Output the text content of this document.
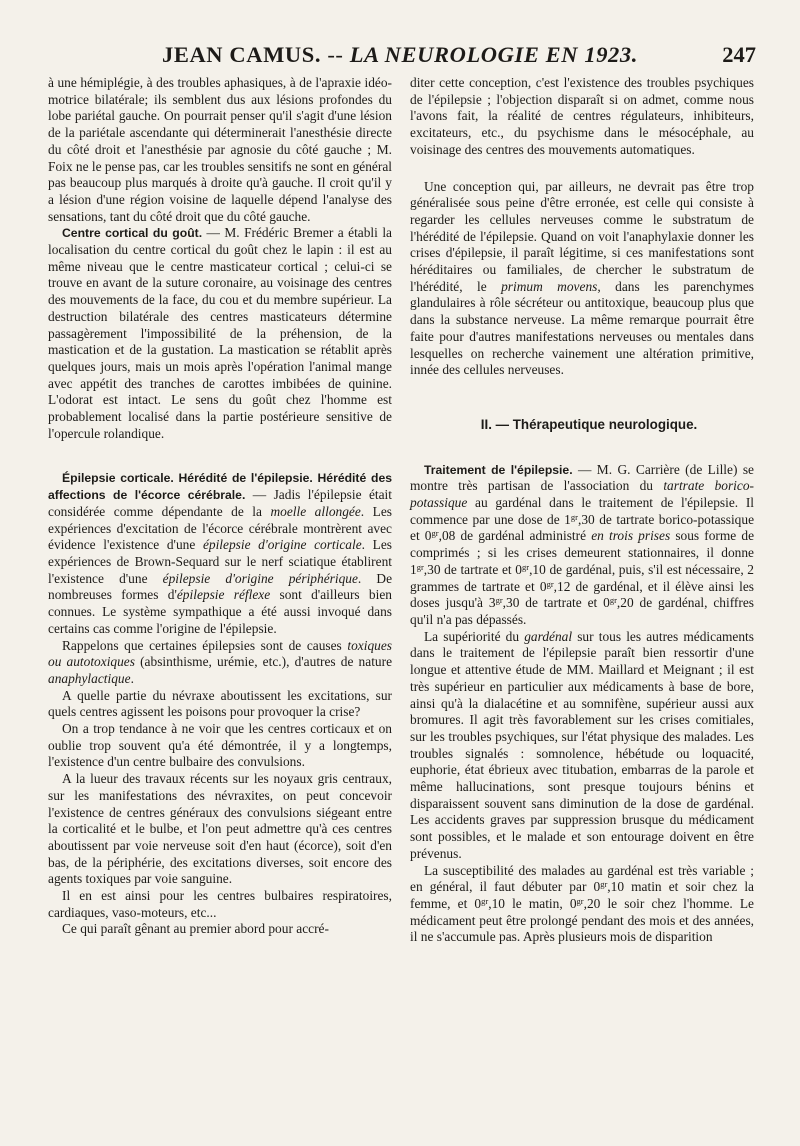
JEAN CAMUS. -- LA NEUROLOGIE EN 1923.	247

à une hémiplégie, à des troubles aphasiques, à de l'apraxie idéo-motrice bilatérale; ils semblent dus aux lésions profondes du lobe pariétal gauche. On pourrait penser qu'il s'agit d'une lésion de la pariétale ascendante qui déterminerait l'anesthésie directe du côté droit et l'anesthésie par agnosie du côté gauche ; M. Foix ne le pense pas, car les troubles sensitifs ne sont en général pas beaucoup plus marqués à droite qu'à gauche. Il croit qu'il y a lésion d'une région voisine de laquelle dépend l'analyse des sensations, tant du côté droit que du côté gauche.

Centre cortical du goût. — M. Frédéric Bremer a établi la localisation du centre cortical du goût chez le lapin : il est au même niveau que le centre masticateur cortical ; celui-ci se trouve en avant de la suture coronaire, au voisinage des centres des mouvements de la face, du cou et du membre supérieur. La destruction bilatérale des centres masticateurs détermine passagèrement l'impossibilité de la préhension, de la mastication et de la gustation. La mastication se rétablit après quelques jours, mais un mois après l'opération l'animal mange avec appétit des tranches de carottes imbibées de quinine. L'odorat est intact. Le sens du goût chez l'homme est probablement localisé dans la partie postérieure sensitive de l'opercule rolandique.

Épilepsie corticale. Hérédité de l'épilepsie. Hérédité des affections de l'écorce cérébrale. — Jadis l'épilepsie était considérée comme dépendante de la moelle allongée. Les expériences d'excitation de l'écorce cérébrale montrèrent avec évidence l'existence d'une épilepsie d'origine corticale. Les expériences de Brown-Sequard sur le nerf sciatique établirent l'existence d'une épilepsie d'origine périphérique. De nombreuses formes d'épilepsie réflexe sont d'ailleurs bien connues. Le système sympathique a été aussi invoqué dans certains cas comme l'origine de l'épilepsie.

Rappelons que certaines épilepsies sont de causes toxiques ou autotoxiques (absinthisme, urémie, etc.), d'autres de nature anaphylactique.

A quelle partie du névraxe aboutissent les excitations, sur quels centres agissent les poisons pour provoquer la crise?

On a trop tendance à ne voir que les centres corticaux et on oublie trop souvent qu'a été démontrée, il y a longtemps, l'existence d'un centre bulbaire des convulsions.

A la lueur des travaux récents sur les noyaux gris centraux, sur les manifestations des névraxites, on peut concevoir l'existence de centres généraux des convulsions siégeant entre la corticalité et le bulbe, et l'on peut admettre qu'à ces centres aboutissent par voie nerveuse soit d'en haut (écorce), soit d'en bas, de la périphérie, des excitations diverses, soit encore des agents toxiques par voie sanguine.

Il en est ainsi pour les centres bulbaires respiratoires, cardiaques, vaso-moteurs, etc...

Ce qui paraît gênant au premier abord pour accré-

diter cette conception, c'est l'existence des troubles psychiques de l'épilepsie ; l'objection disparaît si on admet, comme nous l'avons fait, la réalité de centres régulateurs, inhibiteurs, excitateurs, etc., du psychisme dans le mésocéphale, au voisinage des centres des mouvements automatiques.

Une conception qui, par ailleurs, ne devrait pas être trop généralisée sous peine d'être erronée, est celle qui consiste à regarder les cellules nerveuses comme le substratum de l'hérédité de l'épilepsie. Quand on voit l'anaphylaxie donner les crises d'épilepsie, il paraît légitime, si ces manifestations sont héréditaires ou familiales, de chercher le substratum de l'hérédité, le primum movens, dans les parenchymes glandulaires à rôle sécréteur ou antitoxique, beaucoup plus que dans la substance nerveuse. La même remarque pourrait être faite pour d'autres manifestations nerveuses ou mentales dans lesquelles on recherche vainement une altération primitive, innée des cellules nerveuses.

II. — Thérapeutique neurologique.

Traitement de l'épilepsie. — M. G. Carrière (de Lille) se montre très partisan de l'association du tartrate borico-potassique au gardénal dans le traitement de l'épilepsie. Il commence par une dose de $1^{gr},30$ de tartrate borico-potassique et $0^{gr},08$ de gardénal administré en trois prises sous forme de comprimés ; si les crises demeurent stationnaires, il donne $1^{gr},30$ de tartrate et $0^{gr},10$ de gardénal, puis, s'il est nécessaire, 2 grammes de tartrate et $0^{gr},12$ de gardénal, et il élève ainsi les doses jusqu'à $3^{gr},30$ de tartrate et $0^{gr},20$ de gardénal, chiffres qu'il n'a pas dépassés.

La supériorité du gardénal sur tous les autres médicaments dans le traitement de l'épilepsie paraît bien ressortir d'une longue et attentive étude de MM. Maillard et Meignant ; il est très supérieur en particulier aux médicaments à base de bore, ainsi qu'à la dialacétine et au somnifène, supérieur aussi aux bromures. Il agit très favorablement sur les crises comitiales, sur les troubles psychiques, sur l'état physique des malades. Les troubles signalés : somnolence, hébétude ou loquacité, euphorie, état ébrieux avec titubation, embarras de la parole et même hallucinations, sont presque toujours bénins et disparaissent souvent sans diminution de la dose de gardénal. Les accidents graves par suppression brusque du médicament sont possibles, et le malade et son entourage doivent en être prévenus.

La susceptibilité des malades au gardénal est très variable ; en général, il faut débuter par $0^{gr},10$ matin et soir chez la femme, et $0^{gr},10$ le matin, $0^{gr},20$ le soir chez l'homme. Le médicament peut être prolongé pendant des mois et des années, il ne s'accumule pas. Après plusieurs mois de disparition
